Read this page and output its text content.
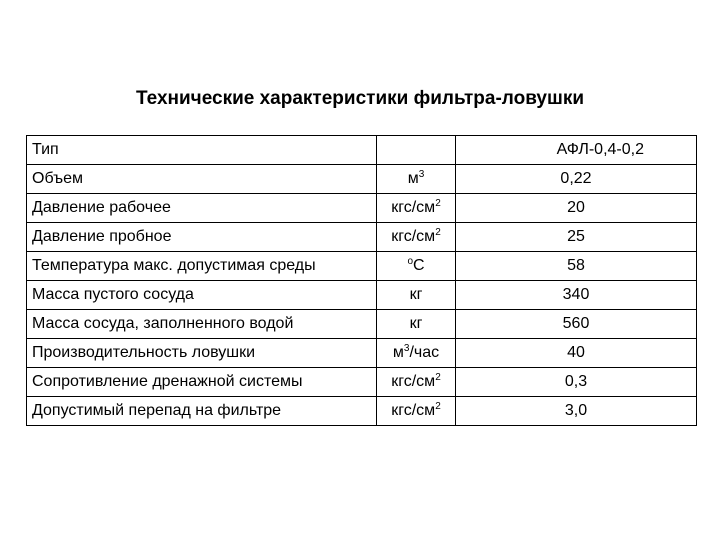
Технические характеристики фильтра-ловушки
Тип		АФЛ-0,4-0,2
Объем	$м^3$	0,22
Давление рабочее	кгс/$см^2$	20
Давление пробное	кгс/$см^2$	25
Температура макс. допустимая среды	$^о$С	58
Масса пустого сосуда	кг	340
Масса сосуда, заполненного водой	кг	560
Производительность ловушки	$м^3$/час	40
Сопротивление дренажной системы	кгс/$см^2$	0,3
Допустимый перепад на фильтре	кгс/$см^2$	3,0
